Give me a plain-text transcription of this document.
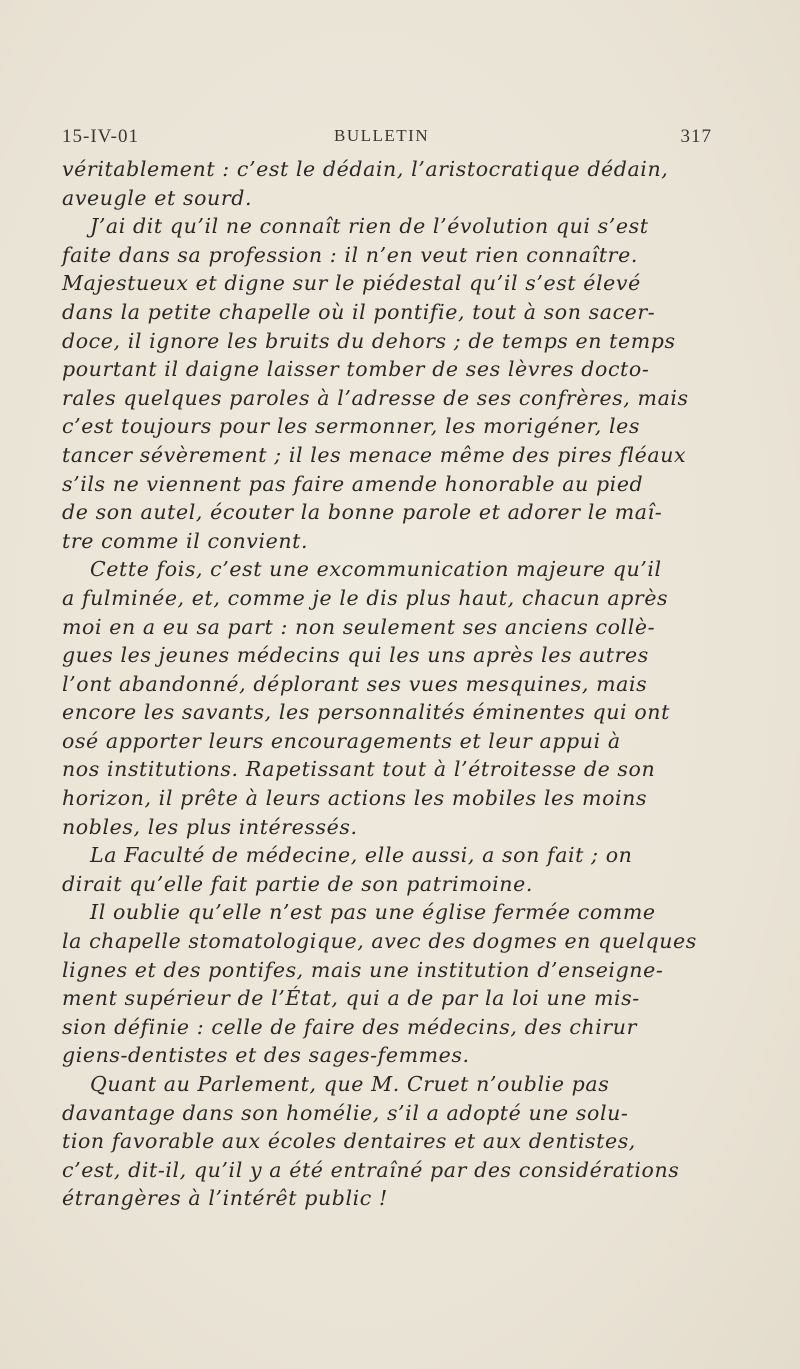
15-IV-01	BULLETIN	317
véritablement : c’est le dédain, l’aristocratique dédain,
aveugle et sourd.
J’ai dit qu’il ne connaît rien de l’évolution qui s’est
faite dans sa profession : il n’en veut rien connaître.
Majestueux et digne sur le piédestal qu’il s’est élevé
dans la petite chapelle où il pontifie, tout à son sacer-
doce, il ignore les bruits du dehors ; de temps en temps
pourtant il daigne laisser tomber de ses lèvres docto-
rales quelques paroles à l’adresse de ses confrères, mais
c’est toujours pour les sermonner, les morigéner, les
tancer sévèrement ; il les menace même des pires fléaux
s’ils ne viennent pas faire amende honorable au pied
de son autel, écouter la bonne parole et adorer le maî-
tre comme il convient.
Cette fois, c’est une excommunication majeure qu’il
a fulminée, et, comme je le dis plus haut, chacun après
moi en a eu sa part : non seulement ses anciens collè-
gues les jeunes médecins qui les uns après les autres
l’ont abandonné, déplorant ses vues mesquines, mais
encore les savants, les personnalités éminentes qui ont
osé apporter leurs encouragements et leur appui à
nos institutions. Rapetissant tout à l’étroitesse de son
horizon, il prête à leurs actions les mobiles les moins
nobles, les plus intéressés.
La Faculté de médecine, elle aussi, a son fait ; on
dirait qu’elle fait partie de son patrimoine.
Il oublie qu’elle n’est pas une église fermée comme
la chapelle stomatologique, avec des dogmes en quelques
lignes et des pontifes, mais une institution d’enseigne-
ment supérieur de l’État, qui a de par la loi une mis-
sion définie : celle de faire des médecins, des chirur
giens-dentistes et des sages-femmes.
Quant au Parlement, que M. Cruet n’oublie pas
davantage dans son homélie, s’il a adopté une solu-
tion favorable aux écoles dentaires et aux dentistes,
c’est, dit-il, qu’il y a été entraîné par des considérations
étrangères à l’intérêt public !
